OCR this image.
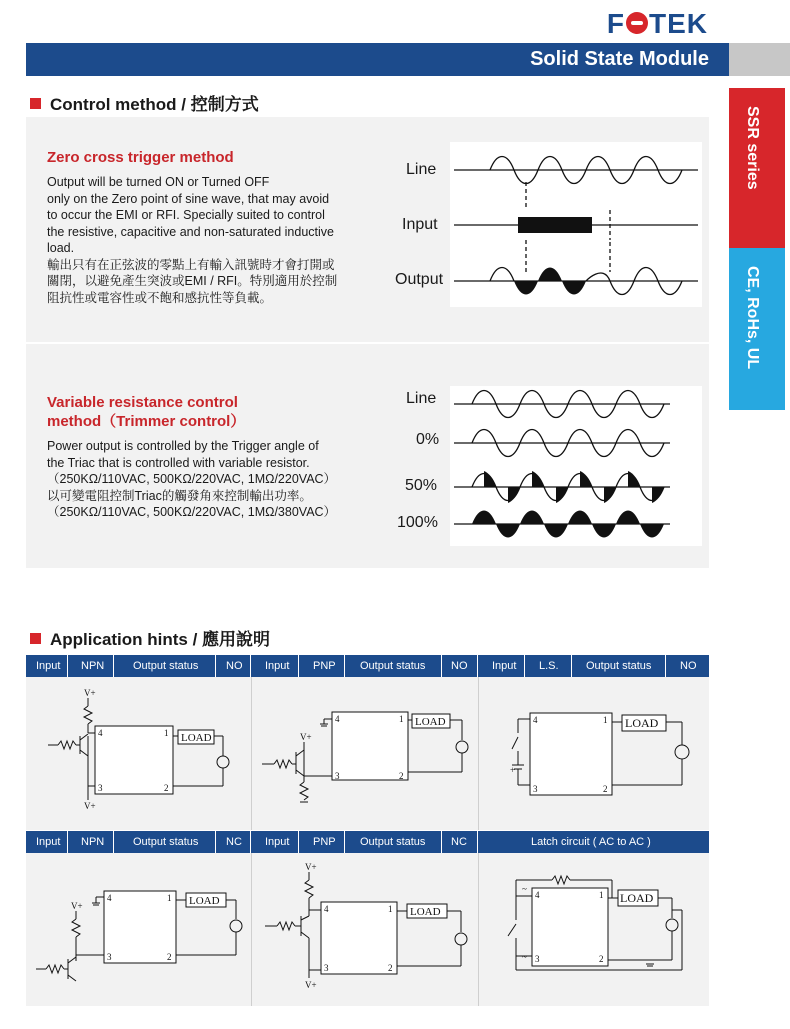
F TEK
Solid State Module
SSR series
CE, RoHs, UL
Control method / 控制方式
Zero cross trigger method
Output will be turned ON or Turned OFF
only on the Zero point of sine wave, that may avoid
to occur the EMI or RFI. Specially suited to control
the resistive, capacitive and non-saturated inductive
load.
輸出只有在正弦波的零點上有輸入訊號時才會打開或
關閉，以避免產生突波或EMI / RFI。特別適用於控制
阻抗性或電容性或不飽和感抗性等負載。
Line
Input
Output
Variable resistance control
method（Trimmer control）
Power output is controlled by the Trigger angle of
the Triac that is controlled with variable resistor.
（250KΩ/110VAC, 500KΩ/220VAC, 1MΩ/220VAC）
以可變電阻控制Triac的觸發角來控制輸出功率。
（250KΩ/110VAC, 500KΩ/220VAC, 1MΩ/380VAC）
Line
0%
50%
100%
Application hints / 應用說明
Input NPN	Output status	NO Input PNP Output status NO Input L.S. Output status	NO
Input NPN	Output status	NC Input PNP Output status NC	Latch circuit ( AC to AC )
4	1
3	2
V+
V+
LOAD
4	1
3	2
V+
LOAD	4	1
3	2
+
LOAD
4	1
3	2
V+	LOAD
4	1
3	2
V+
V+
LOAD
4	1
3	2
~
~
LOAD
